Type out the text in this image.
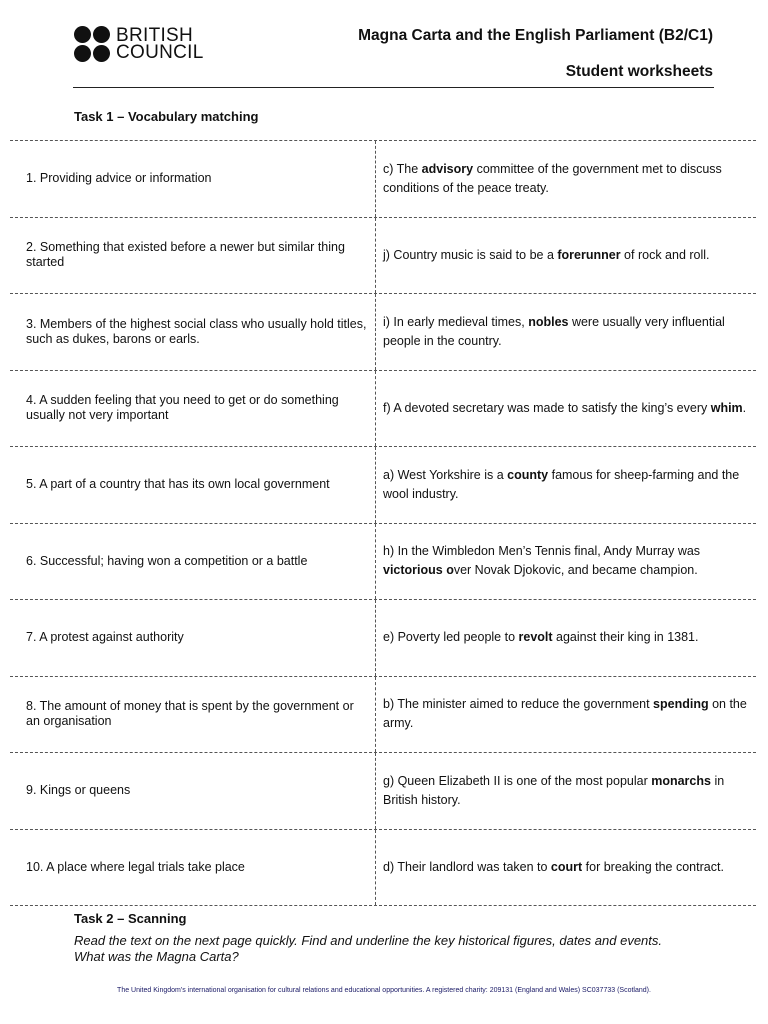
BRITISH
COUNCIL
Magna Carta and the English Parliament (B2/C1)
Student worksheets
Task 1 – Vocabulary matching
1. Providing advice or information
c) The advisory committee of the government met to discuss conditions of the peace treaty.
2. Something that existed before a newer but similar thing started
j) Country music is said to be a forerunner of rock and roll.
3. Members of the highest social class who usually hold titles, such as dukes, barons or earls.
i) In early medieval times, nobles were usually very influential people in the country.
4. A sudden feeling that you need to get or do something usually not very important
f) A devoted secretary was made to satisfy the king’s every whim.
5. A part of a country that has its own local government
a) West Yorkshire is a county famous for sheep-farming and the wool industry.
6. Successful; having won a competition or a battle
h) In the Wimbledon Men’s Tennis final, Andy Murray was victorious over Novak Djokovic, and became champion.
7. A protest against authority	e) Poverty led people to revolt against their king in 1381.
8. The amount of money that is spent by the government or an organisation
b) The minister aimed to reduce the government spending on the army.
9. Kings or queens
g) Queen Elizabeth II is one of the most popular monarchs in British history.
10. A place where legal trials take place	d) Their landlord was taken to court for breaking the contract.
Task 2 – Scanning
Read the text on the next page quickly. Find and underline the key historical figures, dates and events. What was the Magna Carta?
The United Kingdom’s international organisation for cultural relations and educational opportunities. A registered charity: 209131 (England and Wales) SC037733 (Scotland).
